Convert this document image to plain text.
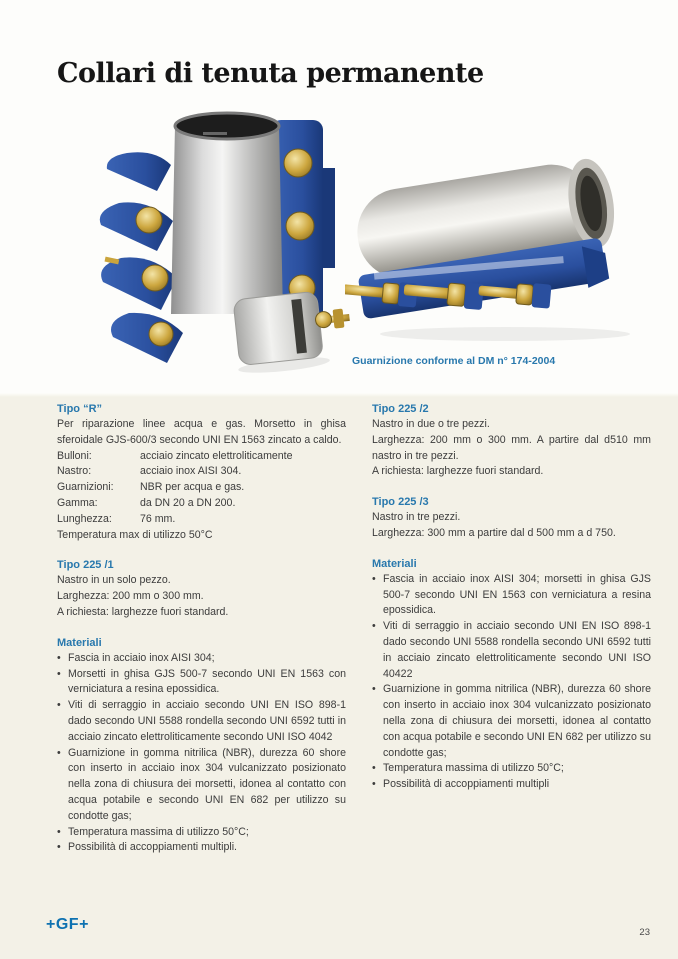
Collari di tenuta permanente
Guarnizione conforme al DM n° 174-2004
Tipo “R”
Per riparazione linee acqua e gas. Morsetto in ghisa sferoidale GJS-600/3 secondo UNI EN 1563 zincato a caldo.
Bulloni:	acciaio zincato elettroliticamente
Nastro:	acciaio inox AISI 304.
Guarnizioni:	NBR per acqua e gas.
Gamma:	da DN 20 a DN 200.
Lunghezza:	76 mm.
Temperatura max di utilizzo 50°C
Tipo 225 /1
Nastro in un solo pezzo.
Larghezza: 200 mm o 300 mm.
A richiesta: larghezze fuori standard.
Materiali
• Fascia in acciaio inox AISI 304;
• Morsetti in ghisa GJS 500-7 secondo UNI EN 1563 con verniciatura a resina epossidica.
• Viti di serraggio in acciaio secondo UNI EN ISO 898-1 dado secondo UNI 5588 rondella secondo UNI 6592 tutti in acciaio zincato elettroliticamente secondo UNI ISO 4042
• Guarnizione in gomma nitrilica (NBR), durezza 60 shore con inserto in acciaio inox 304 vulcanizzato posizionato nella zona di chiusura dei morsetti, idonea al contatto con acqua potabile e secondo UNI EN 682 per utilizzo su condotte gas;
• Temperatura massima di utilizzo 50°C;
• Possibilità di accoppiamenti multipli.
Tipo 225 /2
Nastro in due o tre pezzi.
Larghezza: 200 mm o 300 mm. A partire dal d510 mm nastro in tre pezzi.
A richiesta: larghezze fuori standard.
Tipo 225 /3
Nastro in tre pezzi.
Larghezza: 300 mm a partire dal d 500 mm a d 750.
Materiali
• Fascia in acciaio inox AISI 304; morsetti in ghisa GJS 500-7 secondo UNI EN 1563 con verniciatura a resina epossidica.
• Viti di serraggio in acciaio secondo UNI EN ISO 898-1 dado secondo UNI 5588 rondella secondo UNI 6592 tutti in acciaio zincato elettroliticamente secondo UNI ISO 40422
• Guarnizione in gomma nitrilica (NBR), durezza 60 shore con inserto in acciaio inox 304 vulcanizzato posizionato nella zona di chiusura dei morsetti, idonea al contatto con acqua potabile e secondo UNI EN 682 per utilizzo su condotte gas;
• Temperatura massima di utilizzo 50°C;
• Possibilità di accoppiamenti multipli
+GF+	23
